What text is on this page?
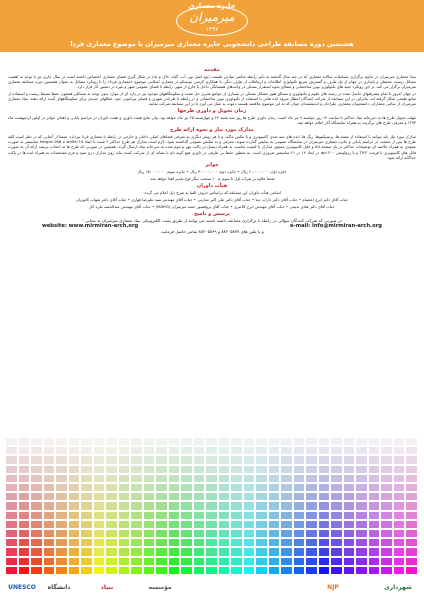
جایزه معماری
میرمیران
۱۳۹۲
هشتمین دوره مسابقه طراحی دانشجویی جایزه معماری میرمیران با موضوع معماری فردا
مقدمه

بنیاد معماری میرمیران در تداوم برگزاری مسابقات سالانه معماری که در چند سال گذشته به تأثیر رابطه عناصر بنیادین طبیعت (پنج اصل نور، آب، گیاه، خاک و باد) در شکل گیری فضای معماری اختصاص داشته است در سال جاری نیز با توجه به اهمیت مسائل زیست محیطی و پایداری در جهان از یک طرف و گسترش سریع تکنولوژی اطلاعات و ارتباطات از طرف دیگر، با همکاری کرسی یونسکو در معماری اسلامی موضوع «معماری فردا» را با رویکرد مسائل به عنوان هشتمین دوره مسابقه معماری میرمیران برگزار می کند. در این رویکرد جنبه های تکنولوژی نوین ساختمانی و مصالح نحوه استقرار مسکن در واحدهای همسایگی داخل یا خارج از شهر، رابطه با فضای عمومی شهر و غیره در دستور کار قرار دارد.

در جهان امروز با تمام پیشرفتهای حاصل شده در زمینه های علوم و تکنولوژی و مصالح هنوز مشکل مسکن در بسیاری از جوامع بشری حل نشده و سکونتگاههای موجود نیز در پاره ای از موارد بدون توجه به مسائلی همچون حفظ محیط زیست و استفاده از منابع طبیعی شکل گرفته اند. بنابراین در این مسابقه از شرکت کنندگان انتظار میرود ایده هایی با استفاده از تکنولوژی نوین ساختمانی و در رابطه با طراحی شهری و فضای پیرامونی خود، شکلهای جدیدی برای سکونتگاههای آینده ارائه دهند. بنیاد معماری میرمیران از تمامی معماران، دانشجویان معماری، طراحان و اندیشمندان جوان که به این موضوع علاقمند هستند دعوت به عمل می آورد تا در این مسابقه شرکت نمایند.

زمان تحویل و داوری طرحها

مهلت تحویل طرح ها به دبیرخانه بنیاد حداکثر تا ساعت ۱۷ روز دوشنبه ۹ تیر ماه است. زمان داوری طرح ها روز سه شنبه ۲۴ و چهارشنبه ۲۵ تیر ماه خواهد بود. ولی نتایج هیئت داوری و هیئت داوران در مراسم پایانی و اهدای جوایز در اولین اردیبهشت ماه ۱۳۹۳ و معرفی طرح های برگزیده به همراه نمایشگاه آثار اعلام خواهد شد.

مدارک مورد نیاز و نحوه ارائه طرح

مدارک مورد نیاز باید بتوانند با استفاده از نقشه ها، پرسپکتیوها، رنگ ها، ایده های سه بعدی کامپیوتری و یا عکس ماکت و یا هر روش دیگری به معرفی فضاهای اصلی داخلی و خارجی در رابطه با معماری فردا بپردازد. ضمنا از آنجایی که در نظر است کلیه طرح ها پس از منتخب در مراسم پایانی و جایزه معماری میرمیران در نمایشگاه عمومی به نمایش گذارده شوند، معرفی و به نمایش عمومی گذاشتند شود. لازم است مدارک هر طرح حداکثر ۲ شیت با ابعاد Height:166 x width:74 سانتیمتر به صورت عمودی به همراه خلاصه ای توضیحات حداکثر در یک صفحه A4 و فایل کامپیوتری محتوی مدارک با کیفیت مناسب به همراه دیسک در پاکت مهر و موم شده به دبیرخانه بنیاد ارسال گردد. همچنین در صورتی که طرح ها به انتخاب برسند ارائه آن به صورت فایل های کامپیوتری با فرمت TIFF و با رزولوشن dpi ۳۰۰ در ابعاد ۱۴ در ۲۱ سانتیمتر ضروری است. به منظور حفظ بی طرفی در داوری هیچ گونه نام یا نشانه ای از شرکت کننده نباید روی مدارک درج شود و فرم مشخصات به همراه ایده ها در پاکت جداگانه ارائه شود.

جوایز

جایزه اول: ۶۰،۰۰۰،۰۰۰ ریال • جایزه دوم: ۳۰،۰۰۰،۰۰۰ ریال • جایزه سوم: ۱۵،۰۰۰،۰۰۰ ریال

ضمنا علاوه بر نفرات اول تا سوم به ۱۰ منتخب دیگر لوح تقدیر اهدا خواهد شد.

هیأت داوران

اسامی هیأت داوران این مسابقه که براساس حروف الفبا به شرح ذیل اعلام می گردد:

جناب آقای دکتر ایرج اعتصام • جناب آقای دکتر داراب دیبا • جناب آقای دکتر علی اکبر صارمی • جناب آقای مهندس سید علیرضا قهاری • جناب آقای دکتر شهاب کاتوزیان

جناب آقای دکتر هادی ندیمی • جناب آقای مهندس ایرج کلانتری • جناب آقای پروفسور حمید میرمیران (MARG) • جناب آقای مهندس عبدالحمید نقره کار

پرسش و پاسخ

در صورتی که شرکت کنندگان سؤالی در رابطه با برگزاری مسابقه داشته باشند می توانند از طریق پست الکترونیکی بنیاد معماری میرمیران به نشانی :

website: www.mirmiran-arch.org	e-mail: info@mirmiran-arch.org

و یا تلفن های ۸۸۲۰۵۸۷۷ و ۸۸۲۰۵۸۶۹ تماس حاصل فرمایید.

UNESCO دانشگاه	بنیاد	مؤسسه	NJP	شهرداری
